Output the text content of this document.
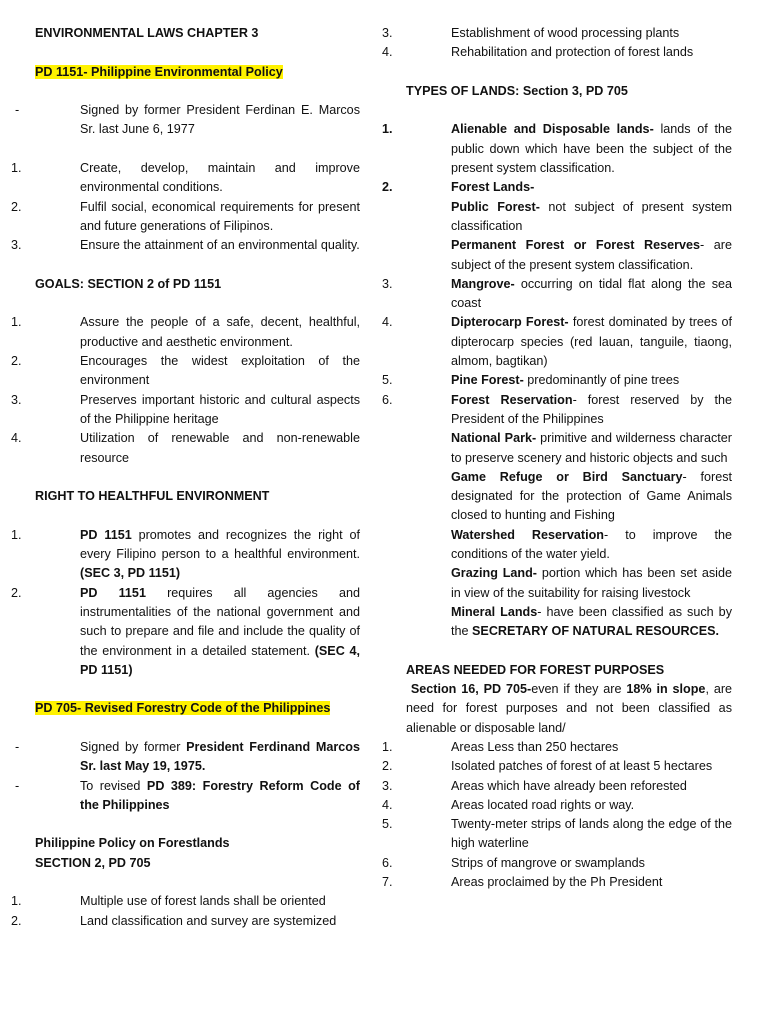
ENVIRONMENTAL LAWS CHAPTER 3

PD 1151- Philippine Environmental Policy

-	Signed by former President Ferdinan E. Marcos Sr. last June 6, 1977
1.	Create, develop, maintain and improve environmental conditions.
2.	Fulfil social, economical requirements for present and future generations of Filipinos.
3.	Ensure the attainment of an environmental quality.

GOALS: SECTION 2 of PD 1151

1.	Assure the people of a safe, decent, healthful, productive and aesthetic environment.
2.	Encourages the widest exploitation of the environment
3.	Preserves important historic and cultural aspects of the Philippine heritage
4.	Utilization of renewable and non-renewable resource

RIGHT TO HEALTHFUL ENVIRONMENT

1.	PD 1151 promotes and recognizes the right of every Filipino person to a healthful environment. (SEC 3, PD 1151)
2.	PD 1151 requires all agencies and instrumentalities of the national government and such to prepare and file and include the quality of the environment in a detailed statement. (SEC 4, PD 1151)

PD 705- Revised Forestry Code of the Philippines

-	Signed by former President Ferdinand Marcos Sr. last May 19, 1975.
-	To revised PD 389: Forestry Reform Code of the Philippines

Philippine Policy on Forestlands

SECTION 2, PD 705

1.	Multiple use of forest lands shall be oriented
2.	Land classification and survey are systemized
3.	Establishment of wood processing plants
4.	Rehabilitation and protection of forest lands

TYPES OF LANDS: Section 3, PD 705

1.	Alienable and Disposable lands- lands of the public down which have been the subject of the present system classification.
2.	Forest Lands-
Public Forest- not subject of present system classification
Permanent Forest or Forest Reserves- are subject of the present system classification.
3.	Mangrove- occurring on tidal flat along the sea coast
4.	Dipterocarp Forest- forest dominated by trees of dipterocarp species (red lauan, tanguile, tiaong, almom, bagtikan)
5.	Pine Forest- predominantly of pine trees
6.	Forest Reservation- forest reserved by the President of the Philippines
National Park- primitive and wilderness character to preserve scenery and historic objects and such
Game Refuge or Bird Sanctuary- forest designated for the protection of Game Animals closed to hunting and Fishing
Watershed Reservation- to improve the conditions of the water yield.
Grazing Land- portion which has been set aside in view of the suitability for raising livestock
Mineral Lands- have been classified as such by the SECRETARY OF NATURAL RESOURCES.

AREAS NEEDED FOR FOREST PURPOSES

Section 16, PD 705-even if they are 18% in slope, are need for forest purposes and not been classified as alienable or disposable land/

1.	Areas Less than 250 hectares
2.	Isolated patches of forest of at least 5 hectares
3.	Areas which have already been reforested
4.	Areas located road rights or way.
5.	Twenty-meter strips of lands along the edge of the high waterline
6.	Strips of mangrove or swamplands
7.	Areas proclaimed by the Ph President
